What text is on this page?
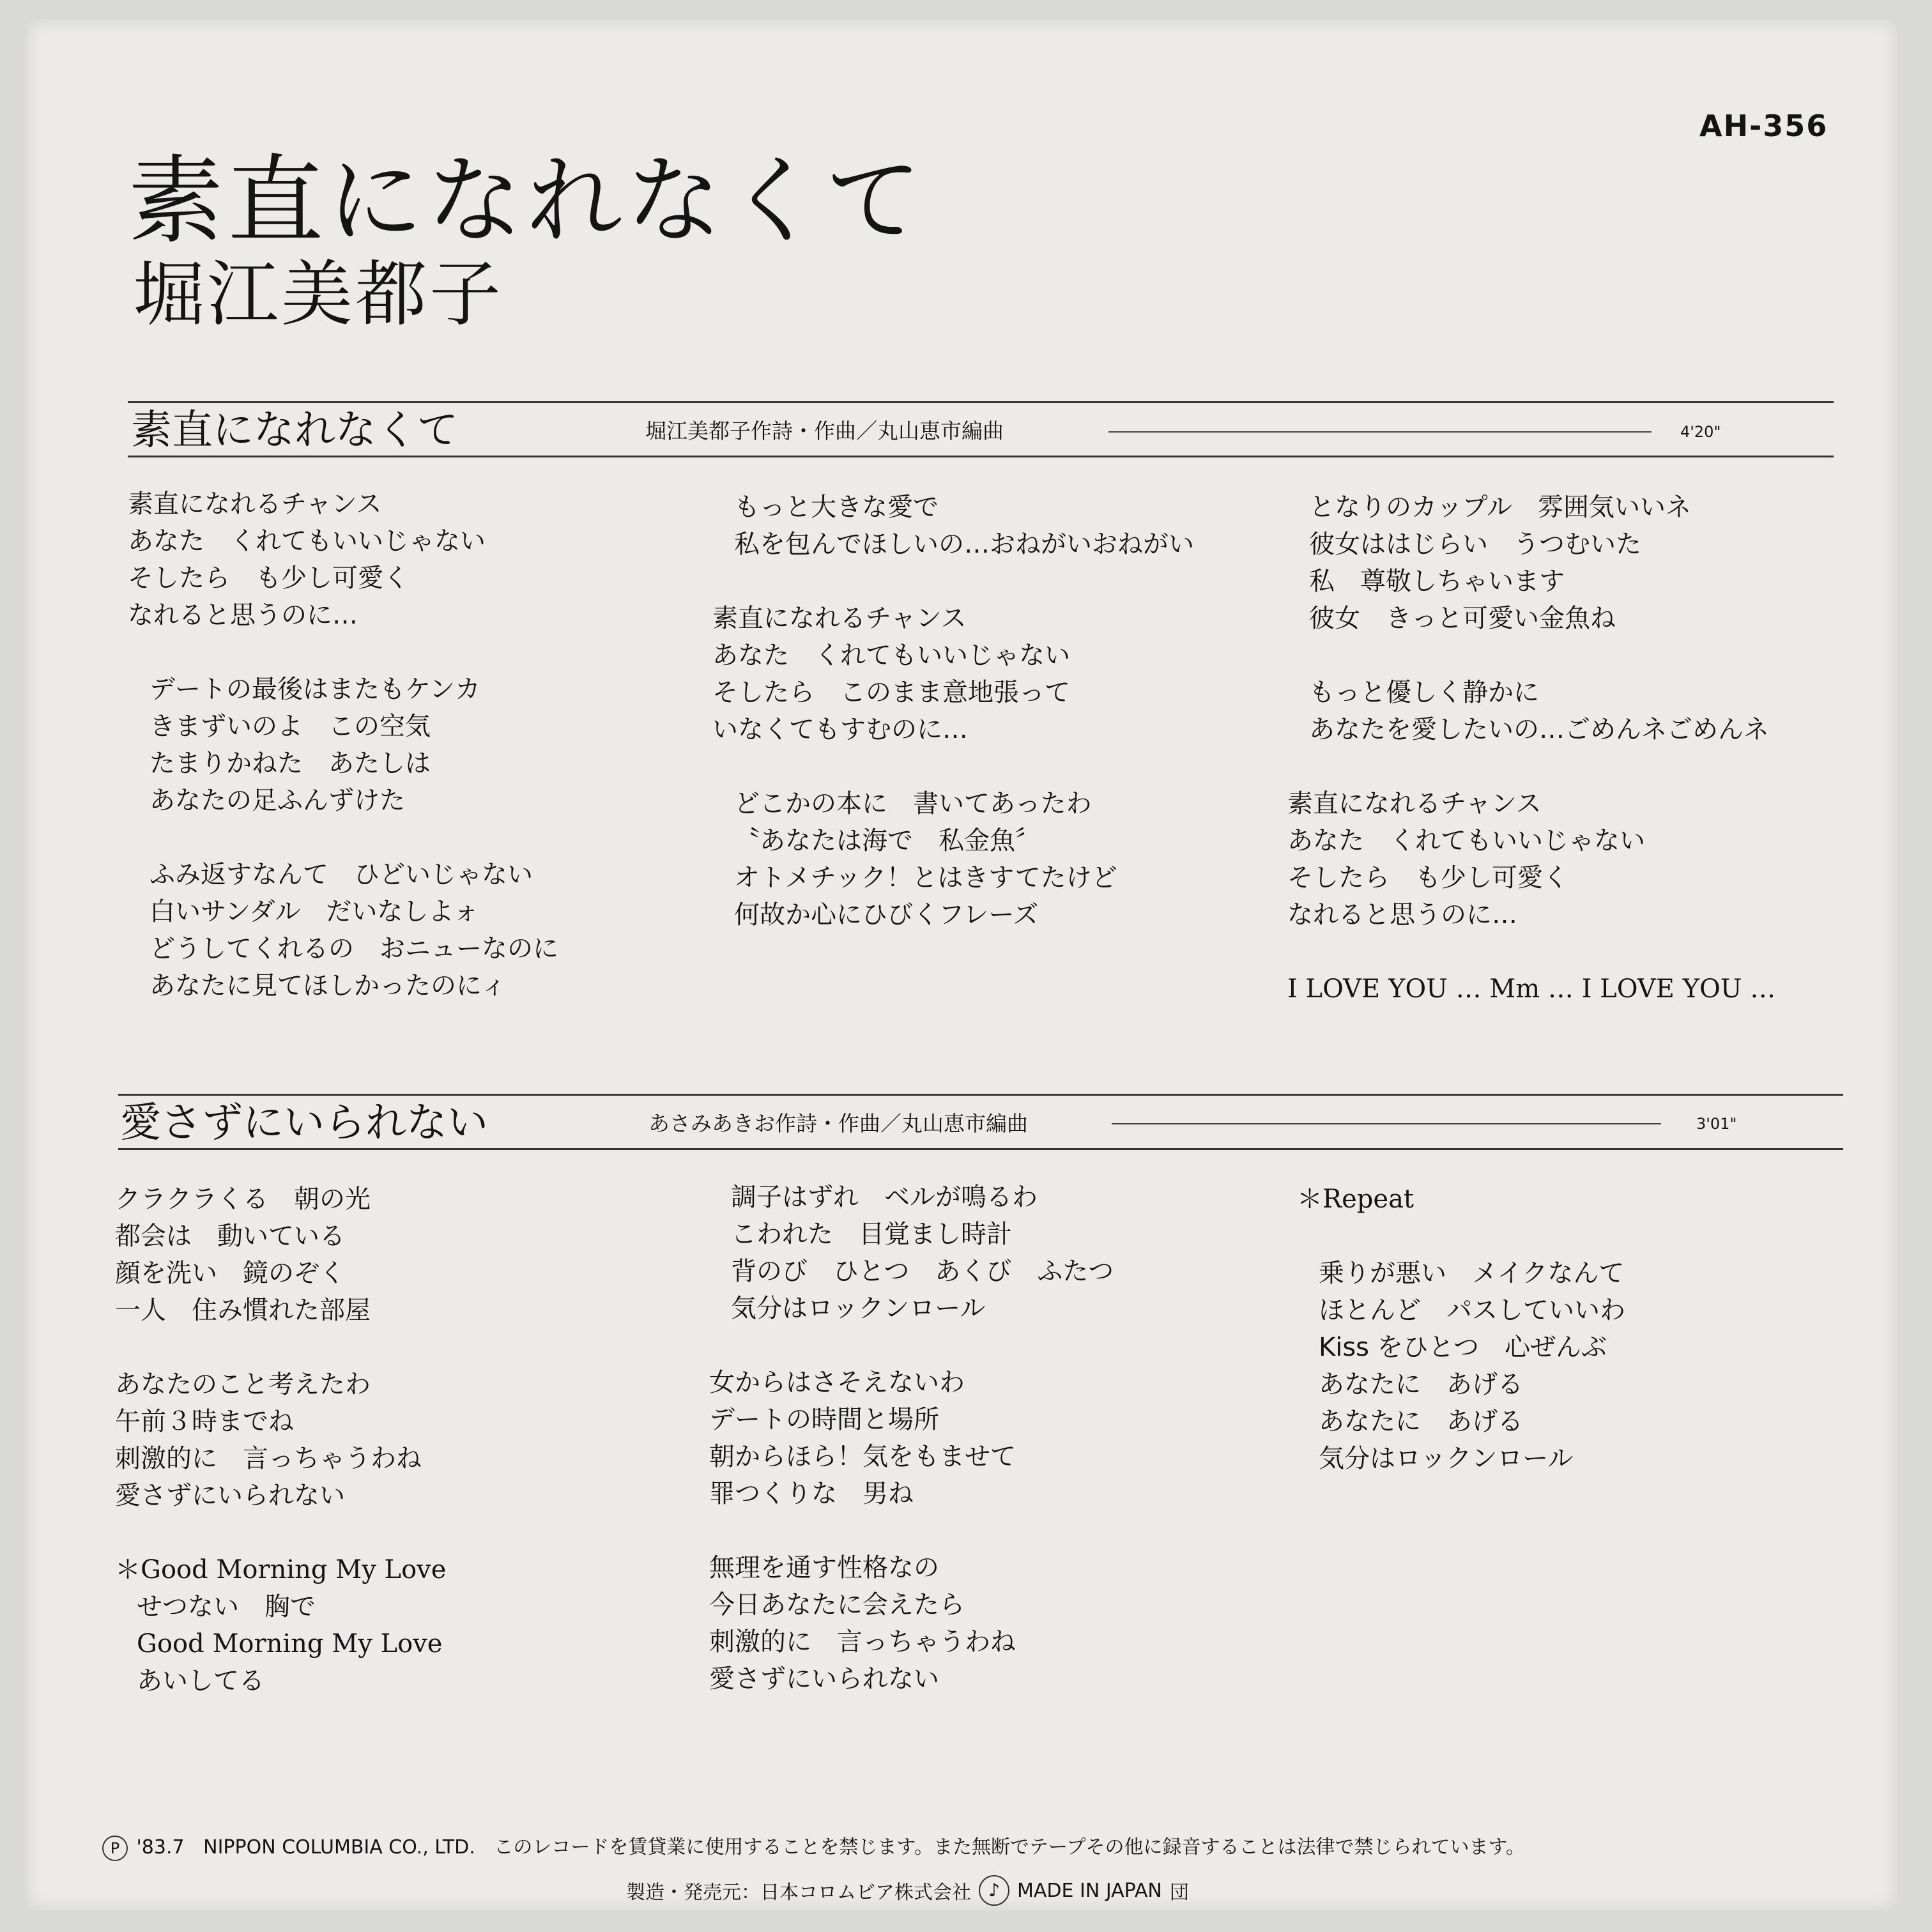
AH-356
素直になれなくて
堀江美都子
素直になれなくて	堀江美都子作詩・作曲／丸山恵市編曲	4'20"
素直になれるチャンス
あなた　くれてもいいじゃない
そしたら　も少し可愛く
なれると思うのに…
デートの最後はまたもケンカ
きまずいのよ　この空気
たまりかねた　あたしは
あなたの足ふんずけた
ふみ返すなんて　ひどいじゃない
白いサンダル　だいなしよォ
どうしてくれるの　おニューなのに
あなたに見てほしかったのにィ
もっと大きな愛で
私を包んでほしいの…おねがいおねがい
素直になれるチャンス
あなた　くれてもいいじゃない
そしたら　このまま意地張って
いなくてもすむのに…
どこかの本に　書いてあったわ
〝あなたは海で　私金魚〞
オトメチック！とはきすてたけど
何故か心にひびくフレーズ
となりのカップル　雰囲気いいネ
彼女ははじらい　うつむいた
私　尊敬しちゃいます
彼女　きっと可愛い金魚ね
もっと優しく静かに
あなたを愛したいの…ごめんネごめんネ
素直になれるチャンス
あなた　くれてもいいじゃない
そしたら　も少し可愛く
なれると思うのに…
I LOVE YOU … Mm … I LOVE YOU …
愛さずにいられない	あさみあきお作詩・作曲／丸山恵市編曲	3'01"
クラクラくる　朝の光
都会は　動いている
顔を洗い　鏡のぞく
一人　住み慣れた部屋
あなたのこと考えたわ
午前３時までね
刺激的に　言っちゃうわね
愛さずにいられない
＊Good Morning My Love
せつない　胸で
Good Morning My Love
あいしてる
調子はずれ　ベルが鳴るわ
こわれた　目覚まし時計
背のび　ひとつ　あくび　ふたつ
気分はロックンロール
女からはさそえないわ
デートの時間と場所
朝からほら！気をもませて
罪つくりな　男ね
無理を通す性格なの
今日あなたに会えたら
刺激的に　言っちゃうわね
愛さずにいられない
＊Repeat
乗りが悪い　メイクなんて
ほとんど　パスしていいわ
Kiss をひとつ　心ぜんぶ
あなたに　あげる
あなたに　あげる
気分はロックンロール
P '83.7 NIPPON COLUMBIA CO., LTD. このレコードを賃貸業に使用することを禁じます。また無断でテープその他に録音することは法律で禁じられています。
製造・発売元：日本コロムビア株式会社 ♪ MADE IN JAPAN 団
